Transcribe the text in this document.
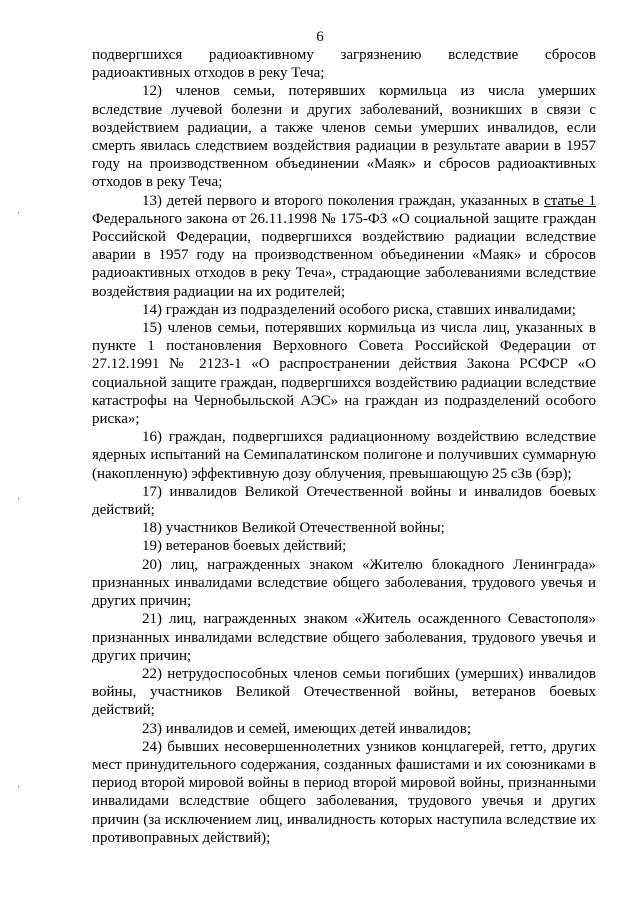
6

подвергшихся радиоактивному загрязнению вследствие сбросов радиоактивных отходов в реку Теча;

12) членов семьи, потерявших кормильца из числа умерших вследствие лучевой болезни и других заболеваний, возникших в связи с воздействием радиации, а также членов семьи умерших инвалидов, если смерть явилась следствием воздействия радиации в результате аварии в 1957 году на производственном объединении «Маяк» и сбросов радиоактивных отходов в реку Теча;

13) детей первого и второго поколения граждан, указанных в статье 1 Федерального закона от 26.11.1998 № 175-ФЗ «О социальной защите граждан Российской Федерации, подвергшихся воздействию радиации вследствие аварии в 1957 году на производственном объединении «Маяк» и сбросов радиоактивных отходов в реку Теча», страдающие заболеваниями вследствие воздействия радиации на их родителей;

14) граждан из подразделений особого риска, ставших инвалидами;

15) членов семьи, потерявших кормильца из числа лиц, указанных в пункте 1 постановления Верховного Совета Российской Федерации от 27.12.1991 № 2123-1 «О распространении действия Закона РСФСР «О социальной защите граждан, подвергшихся воздействию радиации вследствие катастрофы на Чернобыльской АЭС» на граждан из подразделений особого риска»;

16) граждан, подвергшихся радиационному воздействию вследствие ядерных испытаний на Семипалатинском полигоне и получивших суммарную (накопленную) эффективную дозу облучения, превышающую 25 сЗв (бэр);

17) инвалидов Великой Отечественной войны и инвалидов боевых действий;

18) участников Великой Отечественной войны;

19) ветеранов боевых действий;

20) лиц, награжденных знаком «Жителю блокадного Ленинграда» признанных инвалидами вследствие общего заболевания, трудового увечья и других причин;

21) лиц, награжденных знаком «Житель осажденного Севастополя» признанных инвалидами вследствие общего заболевания, трудового увечья и других причин;

22) нетрудоспособных членов семьи погибших (умерших) инвалидов войны, участников Великой Отечественной войны, ветеранов боевых действий;

23) инвалидов и семей, имеющих детей инвалидов;

24) бывших несовершеннолетних узников концлагерей, гетто, других мест принудительного содержания, созданных фашистами и их союзниками в период второй мировой войны в период второй мировой войны, признанными инвалидами вследствие общего заболевания, трудового увечья и других причин (за исключением лиц, инвалидность которых наступила вследствие их противоправных действий);

ˌ
ˌ
ˌ
